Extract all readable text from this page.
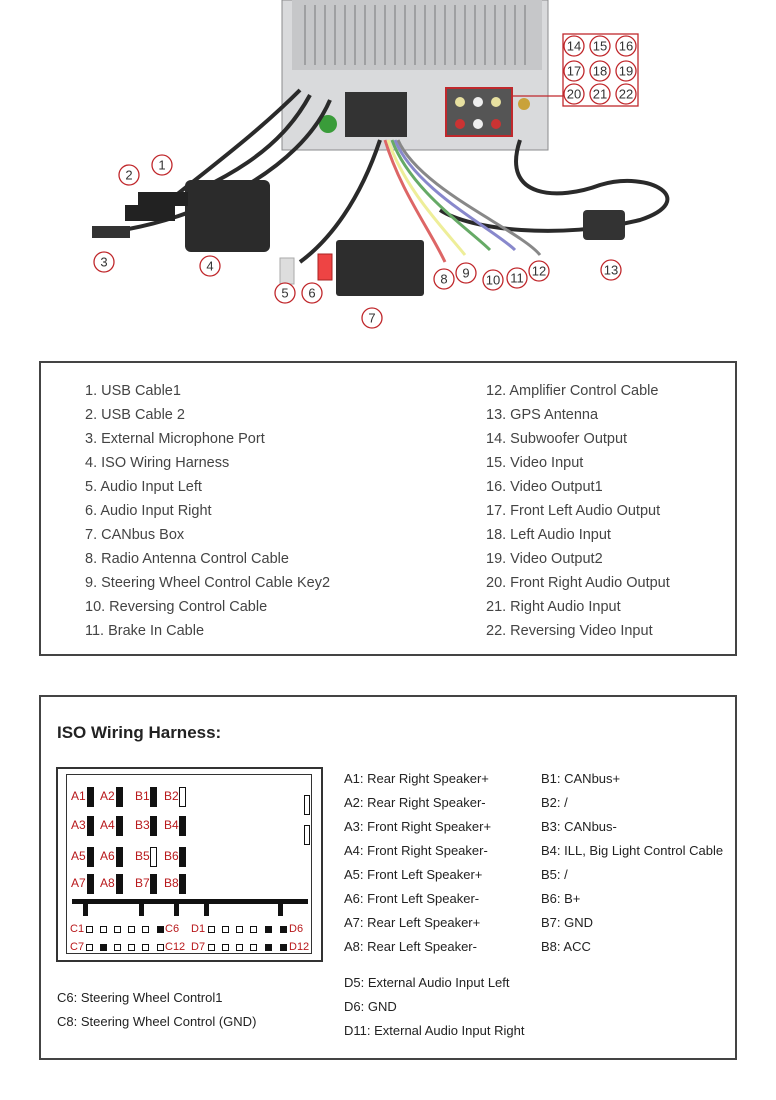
1
2
3	4
5 6
7
8 9 10 11 12	13
14 15 16
17 18 19
20 21 22
1. USB Cable1
2. USB Cable 2
3. External Microphone Port
4. ISO Wiring Harness
5. Audio Input Left
6. Audio Input Right
7. CANbus Box
8. Radio Antenna Control Cable
9. Steering Wheel Control Cable Key2
10. Reversing Control Cable
11. Brake In Cable
12. Amplifier Control Cable
13. GPS Antenna
14. Subwoofer Output
15. Video Input
16. Video Output1
17. Front Left Audio Output
18. Left Audio Input
19. Video Output2
20. Front Right Audio Output
21. Right Audio Input
22. Reversing Video Input
ISO Wiring Harness:
A1 A2 B1 B2
A3 A4 B3 B4
A5 A6 B5 B6
A7 A8 B7 B8
C1	C6 D1	D6
C7	C12 D7	D12
A1: Rear Right Speaker+
A2: Rear Right Speaker-
A3: Front Right Speaker+
A4: Front Right Speaker-
A5: Front Left Speaker+
A6: Front Left Speaker-
A7: Rear Left Speaker+
A8: Rear Left Speaker-
B1: CANbus+
B2: /
B3: CANbus-
B4: ILL, Big Light Control Cable
B5: /
B6: B+
B7: GND
B8: ACC
D5: External Audio Input Left
D6: GND
D11: External Audio Input Right
C6: Steering Wheel Control1
C8: Steering Wheel Control (GND)
